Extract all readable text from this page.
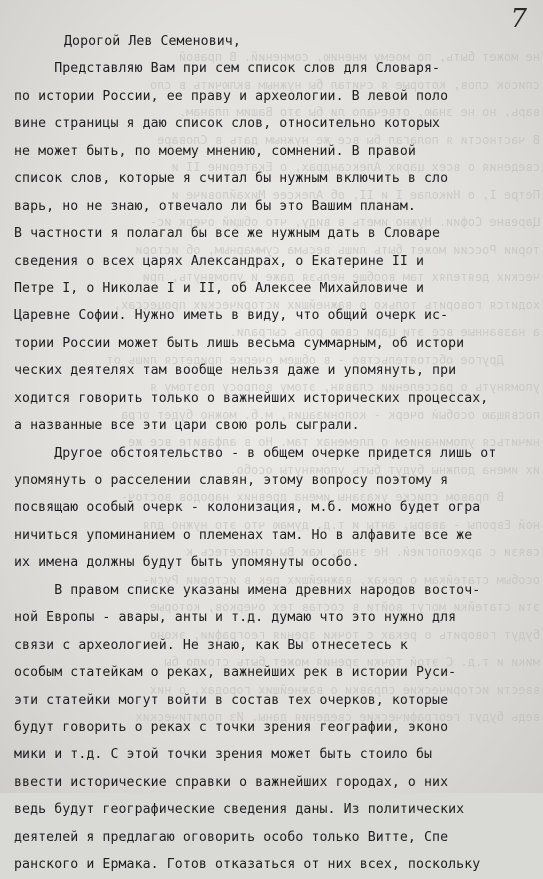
7
не может быть, по моему мнению, сомнений. В правой
список слов, которые я считал бы нужным включить в сло
варь, но не знаю, отвечало ли бы это Вашим планам.
В частности я полагал бы все же нужным дать в Словаре
сведения о всех царях Александрах, о Екатерине II и
Петре I, о Николае I и II, об Алексее Михайловиче и
Царевне Софии. Нужно иметь в виду, что общий очерк ис-
тории России может быть лишь весьма суммарным, об истори
ческих деятелях там вообще нельзя даже и упомянуть, при
ходится говорить только о важнейших исторических процессах,
а названные все эти цари свою роль сыграли.
Другое обстоятельство - в общем очерке придется лишь от
упомянуть о расселении славян, этому вопросу поэтому я
посвящаю особый очерк - колонизация, м.б. можно будет огра
ничиться упоминанием о племенах там. Но в алфавите все же
их имена должны будут быть упомянуты особо.
В правом списке указаны имена древних народов восточ-
ной Европы - авары, анты и т.д. думаю что это нужно для
связи с археологией. Не знаю, как Вы отнесетесь к
особым статейкам о реках, важнейших рек в истории Руси-
эти статейки могут войти в состав тех очерков, которые
будут говорить о реках с точки зрения географии, эконо
мики и т.д. С этой точки зрения может быть стоило бы
ввести исторические справки о важнейших городах, о них
ведь будут географические сведения даны. Из политических
Дорогой Лев Семенович,
Представляю Вам при сем список слов для Словаря-
по истории России, ее праву и археологии. В левой поло
вине страницы я даю список слов, относительно которых
не может быть, по моему мнению, сомнений. В правой
список слов, которые я считал бы нужным включить в сло
варь, но не знаю, отвечало ли бы это Вашим планам.
В частности я полагал бы все же нужным дать в Словаре
сведения о всех царях Александрах, о Екатерине II и
Петре I, о Николае I и II, об Алексее Михайловиче и
Царевне Софии. Нужно иметь в виду, что общий очерк ис-
тории России может быть лишь весьма суммарным, об истори
ческих деятелях там вообще нельзя даже и упомянуть, при
ходится говорить только о важнейших исторических процессах,
а названные все эти цари свою роль сыграли.
Другое обстоятельство - в общем очерке придется лишь от
упомянуть о расселении славян, этому вопросу поэтому я
посвящаю особый очерк - колонизация, м.б. можно будет огра
ничиться упоминанием о племенах там. Но в алфавите все же
их имена должны будут быть упомянуты особо.
В правом списке указаны имена древних народов восточ-
ной Европы - авары, анты и т.д. думаю что это нужно для
связи с археологией. Не знаю, как Вы отнесетесь к
особым статейкам о реках, важнейших рек в истории Руси-
эти статейки могут войти в состав тех очерков, которые
будут говорить о реках с точки зрения географии, эконо
мики и т.д. С этой точки зрения может быть стоило бы
ввести исторические справки о важнейших городах, о них
ведь будут географические сведения даны. Из политических
деятелей я предлагаю оговорить особо только Витте, Спе
ранского и Ермака. Готов отказаться от них всех, поскольку
